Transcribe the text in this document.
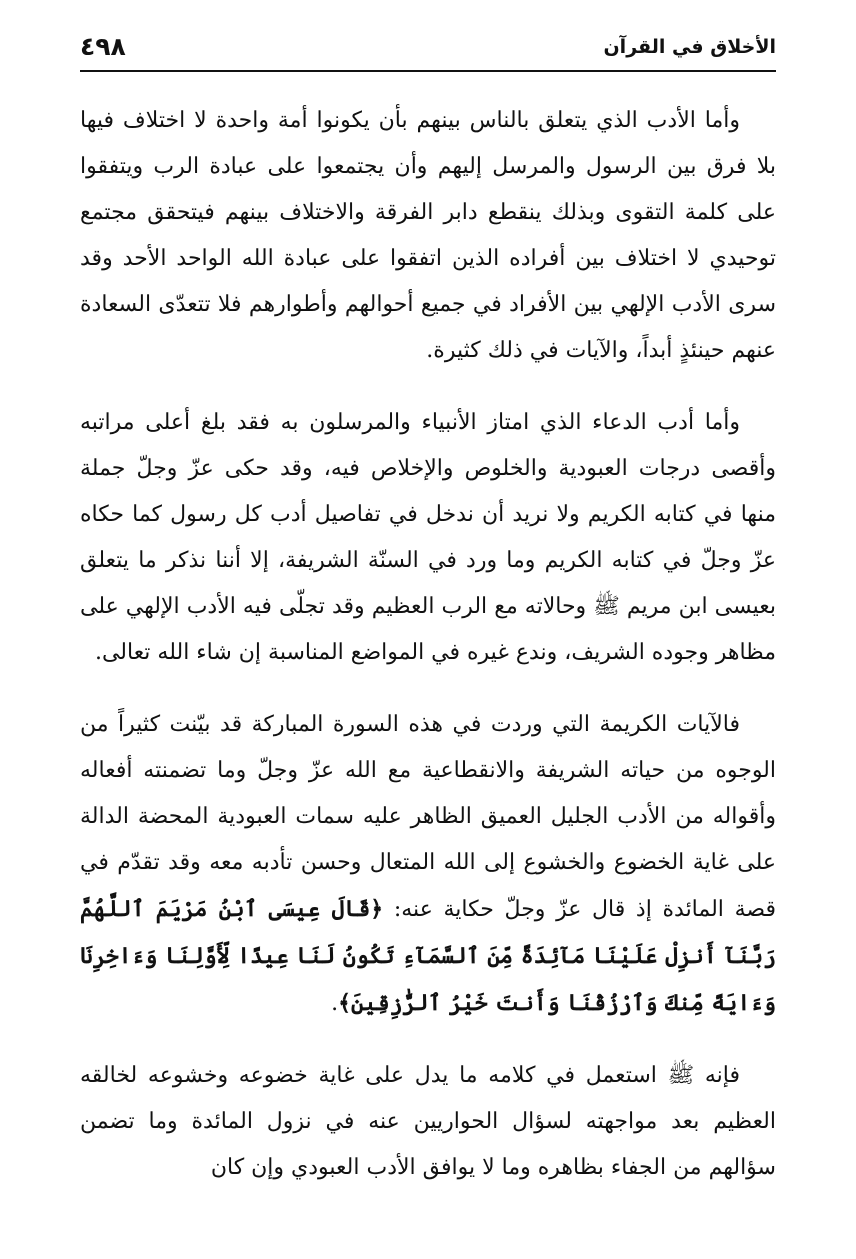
الأخلاق في القرآن
٤٩٨

وأما الأدب الذي يتعلق بالناس بينهم بأن يكونوا أمة واحدة لا اختلاف فيها بلا فرق بين الرسول والمرسل إليهم وأن يجتمعوا على عبادة الرب ويتفقوا على كلمة التقوى وبذلك ينقطع دابر الفرقة والاختلاف بينهم فيتحقق مجتمع توحيدي لا اختلاف بين أفراده الذين اتفقوا على عبادة الله الواحد الأحد وقد سرى الأدب الإلهي بين الأفراد في جميع أحوالهم وأطوارهم فلا تتعدّى السعادة عنهم حينئذٍ أبداً، والآيات في ذلك كثيرة.

وأما أدب الدعاء الذي امتاز الأنبياء والمرسلون به فقد بلغ أعلى مراتبه وأقصى درجات العبودية والخلوص والإخلاص فيه، وقد حكى عزّ وجلّ جملة منها في كتابه الكريم ولا نريد أن ندخل في تفاصيل أدب كل رسول كما حكاه عزّ وجلّ في كتابه الكريم وما ورد في السنّة الشريفة، إلا أننا نذكر ما يتعلق بعيسى ابن مريم ﷺ وحالاته مع الرب العظيم وقد تجلّى فيه الأدب الإلهي على مظاهر وجوده الشريف، وندع غيره في المواضع المناسبة إن شاء الله تعالى.

فالآيات الكريمة التي وردت في هذه السورة المباركة قد بيّنت كثيراً من الوجوه من حياته الشريفة والانقطاعية مع الله عزّ وجلّ وما تضمنته أفعاله وأقواله من الأدب الجليل العميق الظاهر عليه سمات العبودية المحضة الدالة على غاية الخضوع والخشوع إلى الله المتعال وحسن تأدبه معه وقد تقدّم في قصة المائدة إذ قال عزّ وجلّ حكاية عنه: ﴿قَالَ عِيسَى ٱبْنُ مَرْيَمَ ٱللَّهُمَّ رَبَّنَآ أَنزِلْ عَلَيْنَا مَآئِدَةً مِّنَ ٱلسَّمَآءِ تَكُونُ لَنَا عِيدًا لِّأَوَّلِنَا وَءَاخِرِنَا وَءَايَةً مِّنكَ وَٱرْزُقْنَا وَأَنتَ خَيْرُ ٱلرَّٰزِقِينَ﴾.

فإنه ﷺ استعمل في كلامه ما يدل على غاية خضوعه وخشوعه لخالقه العظيم بعد مواجهته لسؤال الحواريين عنه في نزول المائدة وما تضمن سؤالهم من الجفاء بظاهره وما لا يوافق الأدب العبودي وإن كان
